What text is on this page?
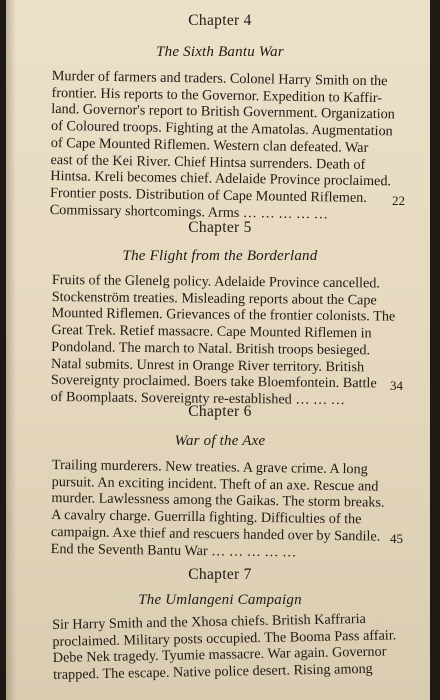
Chapter 4
The Sixth Bantu War
Murder of farmers and traders. Colonel Harry Smith on the
frontier. His reports to the Governor. Expedition to Kaffir-
land. Governor's report to British Government. Organization
of Coloured troops. Fighting at the Amatolas. Augmentation
of Cape Mounted Riflemen. Western clan defeated. War
east of the Kei River. Chief Hintsa surrenders. Death of
Hintsa. Kreli becomes chief. Adelaide Province proclaimed.
Frontier posts. Distribution of Cape Mounted Riflemen.
Commissary shortcomings. Arms … … … … …
22
Chapter 5
The Flight from the Borderland
Fruits of the Glenelg policy. Adelaide Province cancelled.
Stockenström treaties. Misleading reports about the Cape
Mounted Riflemen. Grievances of the frontier colonists. The
Great Trek. Retief massacre. Cape Mounted Riflemen in
Pondoland. The march to Natal. British troops besieged.
Natal submits. Unrest in Orange River territory. British
Sovereignty proclaimed. Boers take Bloemfontein. Battle
of Boomplaats. Sovereignty re-established … … …
34
Chapter 6
War of the Axe
Trailing murderers. New treaties. A grave crime. A long
pursuit. An exciting incident. Theft of an axe. Rescue and
murder. Lawlessness among the Gaikas. The storm breaks.
A cavalry charge. Guerrilla fighting. Difficulties of the
campaign. Axe thief and rescuers handed over by Sandile.
End the Seventh Bantu War … … … … …
45
Chapter 7
The Umlangeni Campaign
Sir Harry Smith and the Xhosa chiefs. British Kaffraria
proclaimed. Military posts occupied. The Booma Pass affair.
Debe Nek tragedy. Tyumie massacre. War again. Governor
trapped. The escape. Native police desert. Rising among
